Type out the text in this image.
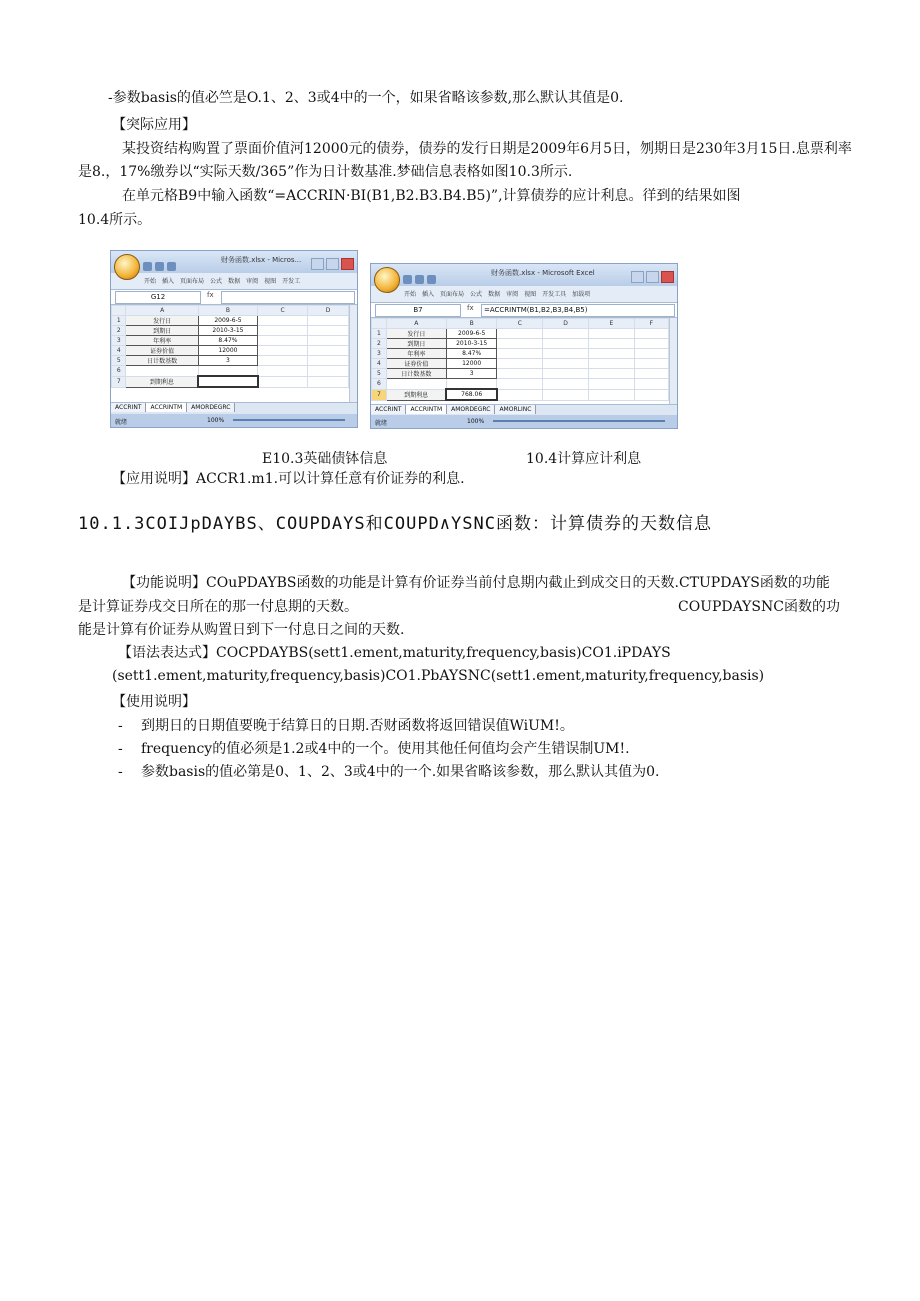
-参数basis的值必竺是O.1、2、3或4中的一个，如果省略该参数,那么默认其值是0.
【突际应用】
某投资结构购置了票面价值河12000元的债券，债券的发行日期是2009年6月5日，刎期日是230年3月15日.息票利率
是8.，17%缴券以“实际天数/365”作为日计数基准.梦础信息表格如图10.3所示.
在单元格B9中输入函数“=ACCRIN·BI(B1,B2.B3.B4.B5)”,计算债券的应计利息。徉到的结果如图
10.4所示。
财务函数.xlsx - Micros...
开始 插入 页面布局 公式 数据 审阅 视图 开发工
G12	fx
	A	B	C	D
1	发行日	2009-6-5		
2	到期日	2010-3-15		
3	年利率	8.47%		
4	证券价值	12000		
5	日计数基数	3		
6				
7	到期利息			
ACCRINT ACCRINTM AMORDEGRC
就绪	100%
财务函数.xlsx - Microsoft Excel
开始 插入 页面布局 公式 数据 审阅 视图 开发工具 加载项
B7	fx	=ACCRINTM(B1,B2,B3,B4,B5)
	A	B	C	D	E	F
1	发行日	2009-6-5				
2	到期日	2010-3-15				
3	年利率	8.47%				
4	证券价值	12000				
5	日计数基数	3				
6						
7	到期利息	768.06				
ACCRINT ACCRINTM AMORDEGRC AMORLINC
就绪	100%
E10.3英础债钵信息	10.4计算应计利息
【应用说明】ACCR1.m1.可以计算任意有价证券的利息.
10.1.3COIJpDAYBS、COUPDAYS和COUPD∧YSNC函数：计算债券的天数信息
【功能说明】COuPDAYBS函数的功能是计算有价证券当前付息期内截止到成交日的天数.CTUPDAYS函数的功能
是计算证券戌交日所在的那一付息期的天数。	COUPDAYSNC函数的功
能是计算有价证券从购置日到下一付息日之间的天数.
【语法表达式】COCPDAYBS(sett1.ement,maturity,frequency,basis)CO1.iPDAYS
(sett1.ement,maturity,frequency,basis)CO1.PbAYSNC(sett1.ement,maturity,frequency,basis)
【使用说明】
- 到期日的日期值要晚于结算日的日期.否财函数将返回错误值WiUM!。
- frequency的值必须是1.2或4中的一个。使用其他任何值均会产生错误制UM!.
- 参数basis的值必第是0、1、2、3或4中的一个.如果省略该参数，那么默认其值为0.
